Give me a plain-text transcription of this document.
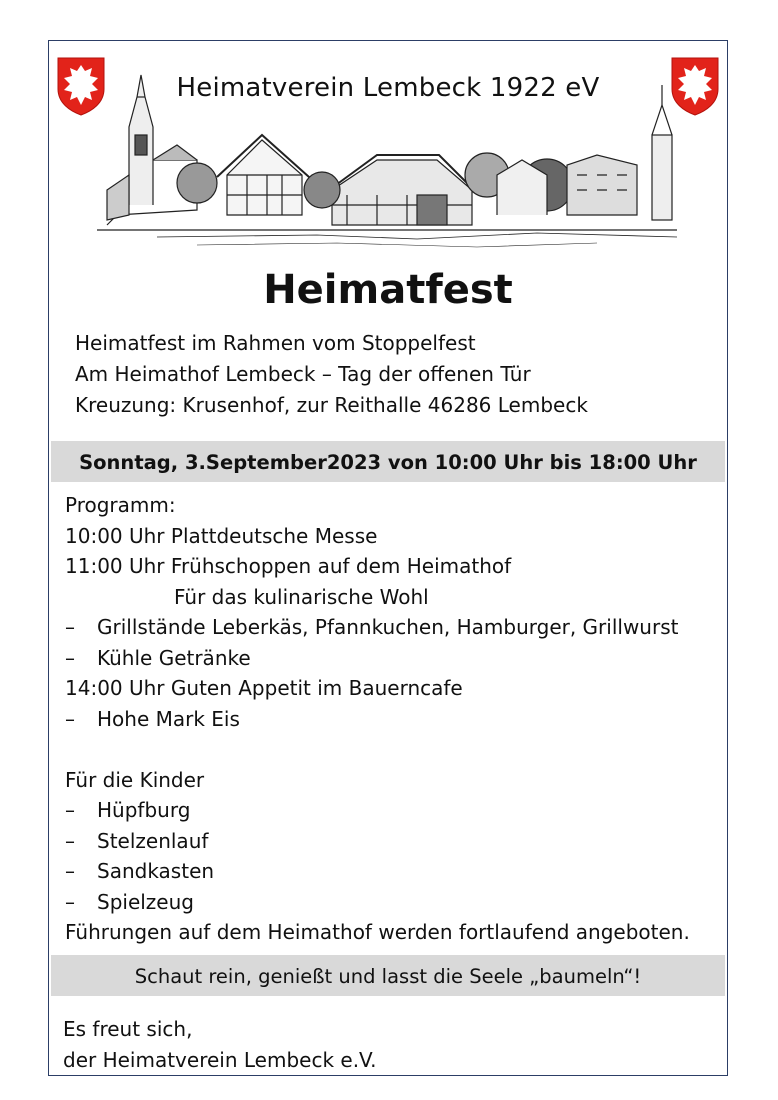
Heimatverein Lembeck 1922 eV
Heimatfest
Heimatfest im Rahmen vom Stoppelfest
Am Heimathof Lembeck – Tag der offenen Tür
Kreuzung: Krusenhof, zur Reithalle 46286 Lembeck
Sonntag, 3.September2023 von 10:00 Uhr bis 18:00 Uhr
Programm:
10:00 Uhr Plattdeutsche Messe
11:00 Uhr Frühschoppen auf dem Heimathof
Für das kulinarische Wohl
– Grillstände Leberkäs, Pfannkuchen, Hamburger, Grillwurst
– Kühle Getränke
14:00 Uhr Guten Appetit im Bauerncafe
– Hohe Mark Eis
Für die Kinder
– Hüpfburg
– Stelzenlauf
– Sandkasten
– Spielzeug
Führungen auf dem Heimathof werden fortlaufend angeboten.
Schaut rein, genießt und lasst die Seele „baumeln“!
Es freut sich,
der Heimatverein Lembeck e.V.
